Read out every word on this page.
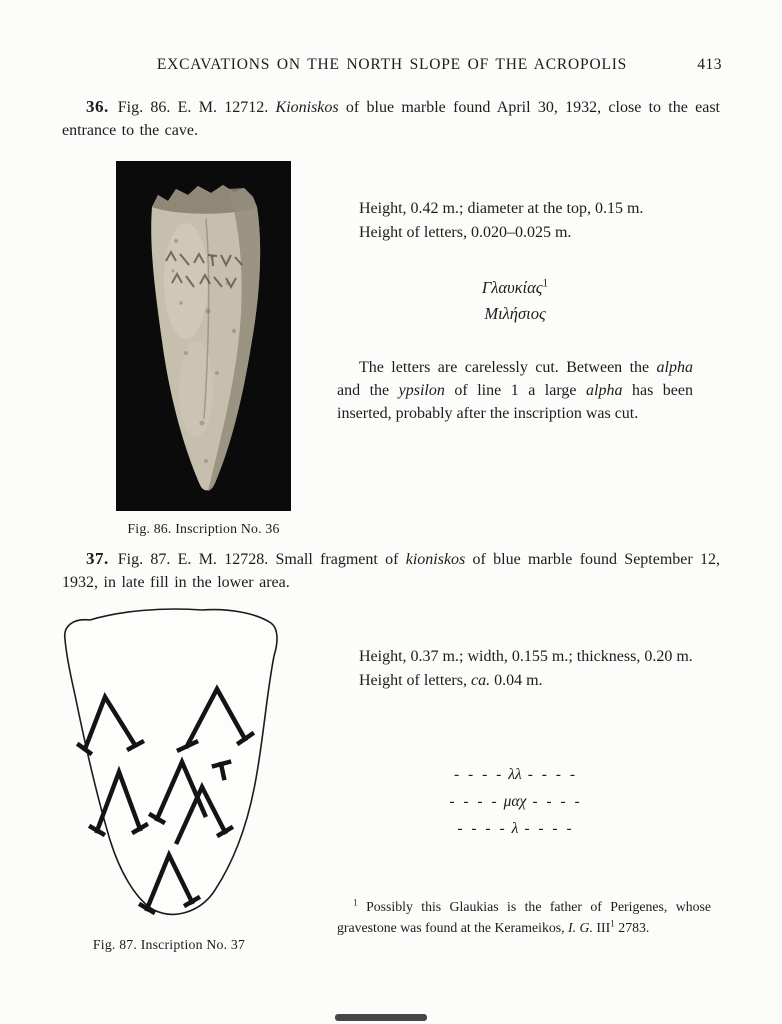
EXCAVATIONS ON THE NORTH SLOPE OF THE ACROPOLIS	413

36. Fig. 86. E. M. 12712. Kioniskos of blue marble found April 30, 1932, close to the east entrance to the cave.

Fig. 86. Inscription No. 36

Height, 0.42 m.; diameter at the top, 0.15 m.

Height of letters, 0.020–0.025 m.

Γλαυκίας$^1$
Μιλήσιος

The letters are carelessly cut. Between the alpha and the ypsilon of line 1 a large alpha has been inserted, probably after the inscription was cut.

37. Fig. 87. E. M. 12728. Small fragment of kioniskos of blue marble found September 12, 1932, in late fill in the lower area.

Fig. 87. Inscription No. 37

Height, 0.37 m.; width, 0.155 m.; thickness, 0.20 m.

Height of letters, ca. 0.04 m.

- - - - λλ - - - -
- - - - μαχ - - - -
- - - - λ - - - -

$^1$ Possibly this Glaukias is the father of Perigenes, whose gravestone was found at the Kerameikos, I. G. III$^1$ 2783.
